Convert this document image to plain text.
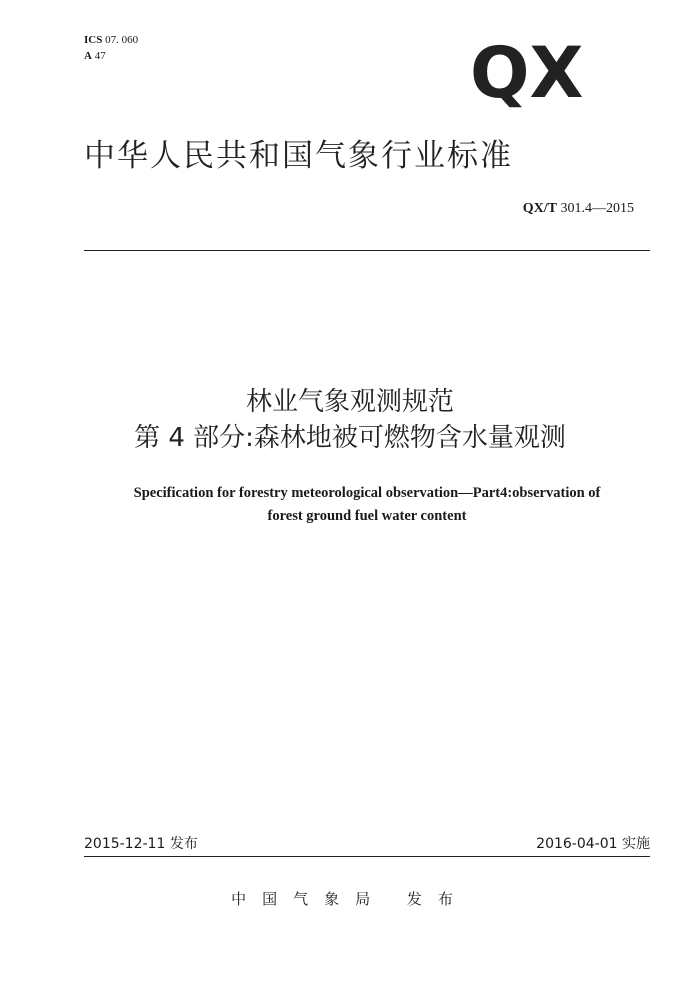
ICS 07. 060
A 47	QX
中华人民共和国气象行业标准
QX/T 301.4—2015
林业气象观测规范
第 4 部分:森林地被可燃物含水量观测
Specification for forestry meteorological observation—Part4:observation of
forest ground fuel water content
2015-12-11 发布	2016-04-01 实施
中国气象局 发布
